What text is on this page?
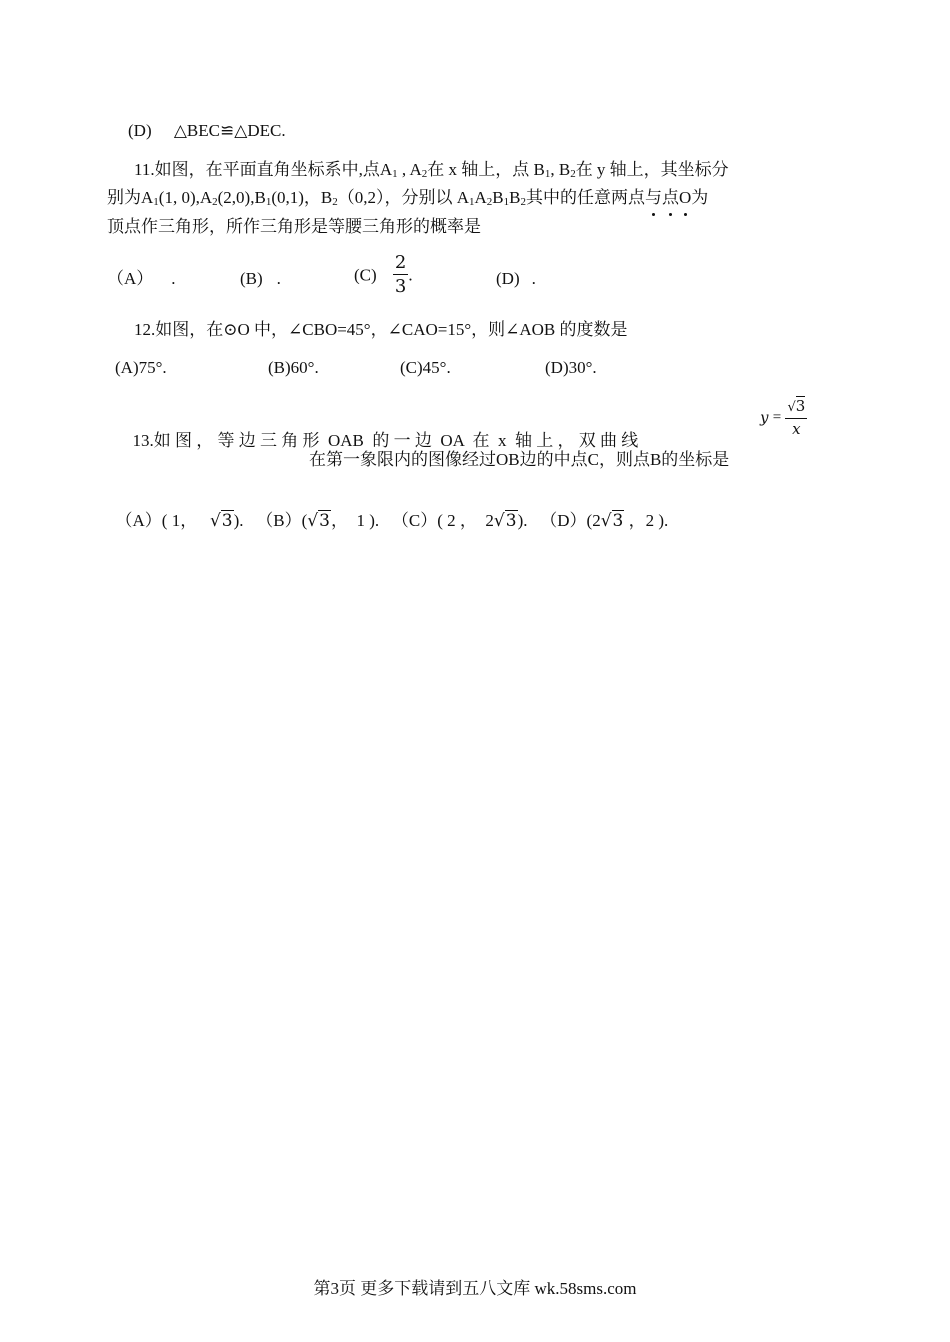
(D) △BEC≌△DEC.
11.如图，在平面直角坐标系中,点$A_1$ , $A_2$在 x 轴上，点 $B_1$, $B_2$在 y 轴上，其坐标分
别为$A_1(1$, $0),A_2(2,0),B_1(0,1)$，$B_2(0,2)$，分别以 $A_1A_2B_1B_2$其中的任意两点与点O为
顶点作三角形，所作三角形是等腰三角形的概率是
（A） .	(B) .	$(C) \frac{2}{3}$ .	(D) .
12.如图，在⊙O 中，∠CBO=45°，∠CAO=15°，则∠AOB 的度数是
(A)75°.	(B)60°.	(C)45°.	(D)30°.

13.如 图 ， 等 边 三 角 形  OAB  的 一 边  OA  在  x  轴 上 ， 双 曲 线

$y = \frac{√3}{x}$
在第一象限内的图像经过OB边的中点C，则点B的坐标是

（A）( 1， √3). （B）(√3，  1 ). （C）( 2 ， 2√3). （D）(2√3 ，2 ).

第3页 更多下载请到五八文库 wk.58sms.com
